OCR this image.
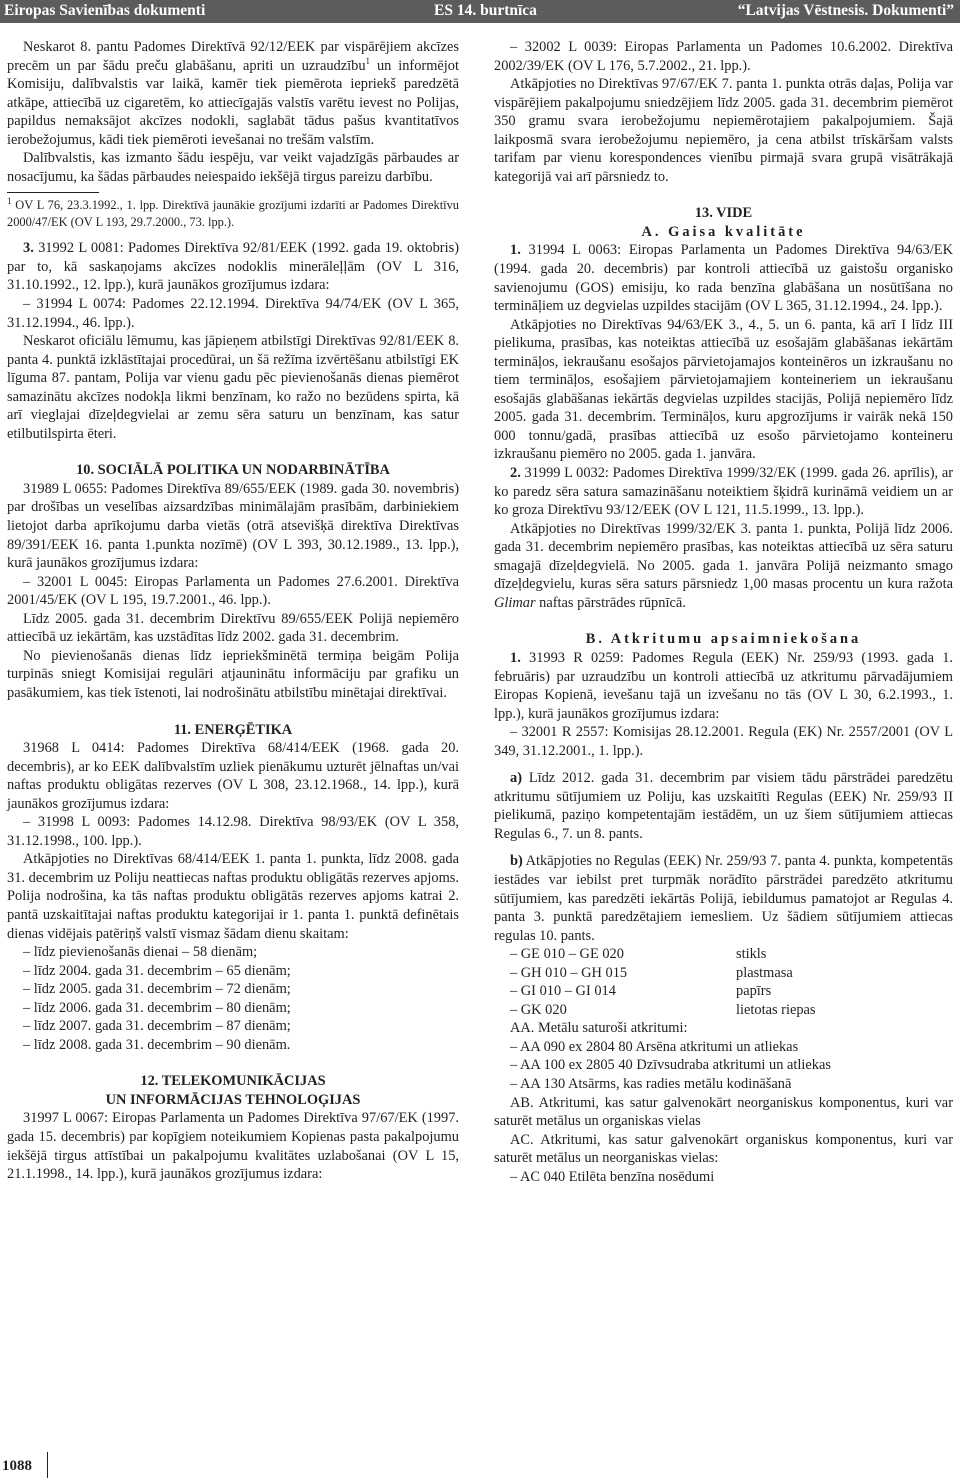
Eiropas Savienības dokumenti	ES 14. burtnīca	“Latvijas Vēstnesis. Dokumenti”

Neskarot 8. pantu Padomes Direktīvā 92/12/EEK par vispārējiem akcīzes precēm un par šādu preču glabāšanu, apriti un uzraudzību$^1$ un informējot Komisiju, dalībvalstis var laikā, kamēr tiek piemērota iepriekš paredzētā atkāpe, attiecībā uz cigaretēm, ko attiecīgajās valstīs varētu ievest no Polijas, papildus nemaksājot akcīzes nodokli, saglabāt tādus pašus kvantitatīvos ierobežojumus, kādi tiek piemēroti ievešanai no trešām valstīm.

Dalībvalstis, kas izmanto šādu iespēju, var veikt vajadzīgās pārbaudes ar nosacījumu, ka šādas pārbaudes neiespaido iekšējā tirgus pareizu darbību.

$^1$ OV L 76, 23.3.1992., 1. lpp. Direktīvā jaunākie grozījumi izdarīti ar Padomes Direktīvu 2000/47/EK (OV L 193, 29.7.2000., 73. lpp.).

3. 31992 L 0081: Padomes Direktīva 92/81/EEK (1992. gada 19. oktobris) par to, kā saskaņojams akcīzes nodoklis minerāleļļām (OV L 316, 31.10.1992., 12. lpp.), kurā jaunākos grozījumus izdara:

– 31994 L 0074: Padomes 22.12.1994. Direktīva 94/74/EK (OV L 365, 31.12.1994., 46. lpp.).

Neskarot oficiālu lēmumu, kas jāpieņem atbilstīgi Direktīvas 92/81/EEK 8. panta 4. punktā izklāstītajai procedūrai, un šā režīma izvērtēšanu atbilstīgi EK līguma 87. pantam, Polija var vienu gadu pēc pievienošanās dienas piemērot samazinātu akcīzes nodokļa likmi benzīnam, ko ražo no bezūdens spirta, kā arī vieglajai dīzeļdegvielai ar zemu sēra saturu un benzīnam, kas satur etilbutilspirta ēteri.

10. SOCIĀLĀ POLITIKA UN NODARBINĀTĪBA

31989 L 0655: Padomes Direktīva 89/655/EEK (1989. gada 30. novembris) par drošības un veselības aizsardzības minimālajām prasībām, darbiniekiem lietojot darba aprīkojumu darba vietās (otrā atsevišķā direktīva Direktīvas 89/391/EEK 16. panta 1.punkta nozīmē) (OV L 393, 30.12.1989., 13. lpp.), kurā jaunākos grozījumus izdara:

– 32001 L 0045: Eiropas Parlamenta un Padomes 27.6.2001. Direktīva 2001/45/EK (OV L 195, 19.7.2001., 46. lpp.).

Līdz 2005. gada 31. decembrim Direktīvu 89/655/EEK Polijā nepiemēro attiecībā uz iekārtām, kas uzstādītas līdz 2002. gada 31. decembrim.

No pievienošanās dienas līdz iepriekšminētā termiņa beigām Polija turpinās sniegt Komisijai regulāri atjauninātu informāciju par grafiku un pasākumiem, kas tiek īstenoti, lai nodrošinātu atbilstību minētajai direktīvai.

11. ENERĢĒTIKA

31968 L 0414: Padomes Direktīva 68/414/EEK (1968. gada 20. decembris), ar ko EEK dalībvalstīm uzliek pienākumu uzturēt jēlnaftas un/vai naftas produktu obligātas rezerves (OV L 308, 23.12.1968., 14. lpp.), kurā jaunākos grozījumus izdara:

– 31998 L 0093: Padomes 14.12.98. Direktīva 98/93/EK (OV L 358, 31.12.1998., 100. lpp.).

Atkāpjoties no Direktīvas 68/414/EEK 1. panta 1. punkta, līdz 2008. gada 31. decembrim uz Poliju neattiecas naftas produktu obligātās rezerves apjoms. Polija nodrošina, ka tās naftas produktu obligātās rezerves apjoms katrai 2. pantā uzskaitītajai naftas produktu kategorijai ir 1. panta 1. punktā definētais dienas vidējais patēriņš valstī vismaz šādam dienu skaitam:

– līdz pievienošanās dienai – 58 dienām;

– līdz 2004. gada 31. decembrim – 65 dienām;

– līdz 2005. gada 31. decembrim – 72 dienām;

– līdz 2006. gada 31. decembrim – 80 dienām;

– līdz 2007. gada 31. decembrim – 87 dienām;

– līdz 2008. gada 31. decembrim – 90 dienām.

12. TELEKOMUNIKĀCIJAS

UN INFORMĀCIJAS TEHNOLOĢIJAS

31997 L 0067: Eiropas Parlamenta un Padomes Direktīva 97/67/EK (1997. gada 15. decembris) par kopīgiem noteikumiem Kopienas pasta pakalpojumu iekšējā tirgus attīstībai un pakalpojumu kvalitātes uzlabošanai (OV L 15, 21.1.1998., 14. lpp.), kurā jaunākos grozījumus izdara:

– 32002 L 0039: Eiropas Parlamenta un Padomes 10.6.2002. Direktīva 2002/39/EK (OV L 176, 5.7.2002., 21. lpp.).

Atkāpjoties no Direktīvas 97/67/EK 7. panta 1. punkta otrās daļas, Polija var vispārējiem pakalpojumu sniedzējiem līdz 2005. gada 31. decembrim piemērot 350 gramu svara ierobežojumu nepiemērotajiem pakalpojumiem. Šajā laikposmā svara ierobežojumu nepiemēro, ja cena atbilst trīskāršam valsts tarifam par vienu korespondences vienību pirmajā svara grupā visātrākajā kategorijā vai arī pārsniedz to.

13. VIDE

A. Gaisa kvalitāte

1. 31994 L 0063: Eiropas Parlamenta un Padomes Direktīva 94/63/EK (1994. gada 20. decembris) par kontroli attiecībā uz gaistošu organisko savienojumu (GOS) emisiju, ko rada benzīna glabāšana un nosūtīšana no termināļiem uz degvielas uzpildes stacijām (OV L 365, 31.12.1994., 24. lpp.).

Atkāpjoties no Direktīvas 94/63/EK 3., 4., 5. un 6. panta, kā arī I līdz III pielikuma, prasības, kas noteiktas attiecībā uz esošajām glabāšanas iekārtām termināļos, iekraušanu esošajos pārvietojamajos konteinēros un izkraušanu no tiem termināļos, esošajiem pārvietojamajiem konteineriem un iekraušanu esošajās glabāšanas iekārtās degvielas uzpildes stacijās, Polijā nepiemēro līdz 2005. gada 31. decembrim. Termināļos, kuru apgrozījums ir vairāk nekā 150 000 tonnu/gadā, prasības attiecībā uz esošo pārvietojamo konteineru izkraušanu piemēro no 2005. gada 1. janvāra.

2. 31999 L 0032: Padomes Direktīva 1999/32/EK (1999. gada 26. aprīlis), ar ko paredz sēra satura samazināšanu noteiktiem šķidrā kurināmā veidiem un ar ko groza Direktīvu 93/12/EEK (OV L 121, 11.5.1999., 13. lpp.).

Atkāpjoties no Direktīvas 1999/32/EK 3. panta 1. punkta, Polijā līdz 2006. gada 31. decembrim nepiemēro prasības, kas noteiktas attiecībā uz sēra saturu smagajā dīzeļdegvielā. No 2005. gada 1. janvāra Polijā neizmanto smago dīzeļdegvielu, kuras sēra saturs pārsniedz 1,00 masas procentu un kura ražota Glimar naftas pārstrādes rūpnīcā.

B. Atkritumu apsaimniekošana

1. 31993 R 0259: Padomes Regula (EEK) Nr. 259/93 (1993. gada 1. februāris) par uzraudzību un kontroli attiecībā uz atkritumu pārvadājumiem Eiropas Kopienā, ievešanu tajā un izvešanu no tās (OV L 30, 6.2.1993., 1. lpp.), kurā jaunākos grozījumus izdara:

– 32001 R 2557: Komisijas 28.12.2001. Regula (EK) Nr. 2557/2001 (OV L 349, 31.12.2001., 1. lpp.).

a) Līdz 2012. gada 31. decembrim par visiem tādu pārstrādei paredzētu atkritumu sūtījumiem uz Poliju, kas uzskaitīti Regulas (EEK) Nr. 259/93 II pielikumā, paziņo kompetentajām iestādēm, un uz šiem sūtījumiem attiecas Regulas 6., 7. un 8. pants.

b) Atkāpjoties no Regulas (EEK) Nr. 259/93 7. panta 4. punkta, kompetentās iestādes var iebilst pret turpmāk norādīto pārstrādei paredzēto atkritumu sūtījumiem, kas paredzēti iekārtās Polijā, iebildumus pamatojot ar Regulas 4. panta 3. punktā paredzētajiem iemesliem. Uz šādiem sūtījumiem attiecas regulas 10. pants.

– GE 010 – GE 020	stikls
– GH 010 – GH 015	plastmasa
– GI 010 – GI 014	papīrs
– GK 020	lietotas riepas

AA. Metālu saturoši atkritumi:

– AA 090 ex 2804 80 Arsēna atkritumi un atliekas

– AA 100 ex 2805 40 Dzīvsudraba atkritumi un atliekas

– AA 130 Atsārms, kas radies metālu kodināšanā

AB. Atkritumi, kas satur galvenokārt neorganiskus komponentus, kuri var saturēt metālus un organiskas vielas

AC. Atkritumi, kas satur galvenokārt organiskus komponentus, kuri var saturēt metālus un neorganiskas vielas:

– AC 040 Etilēta benzīna nosēdumi

1088
